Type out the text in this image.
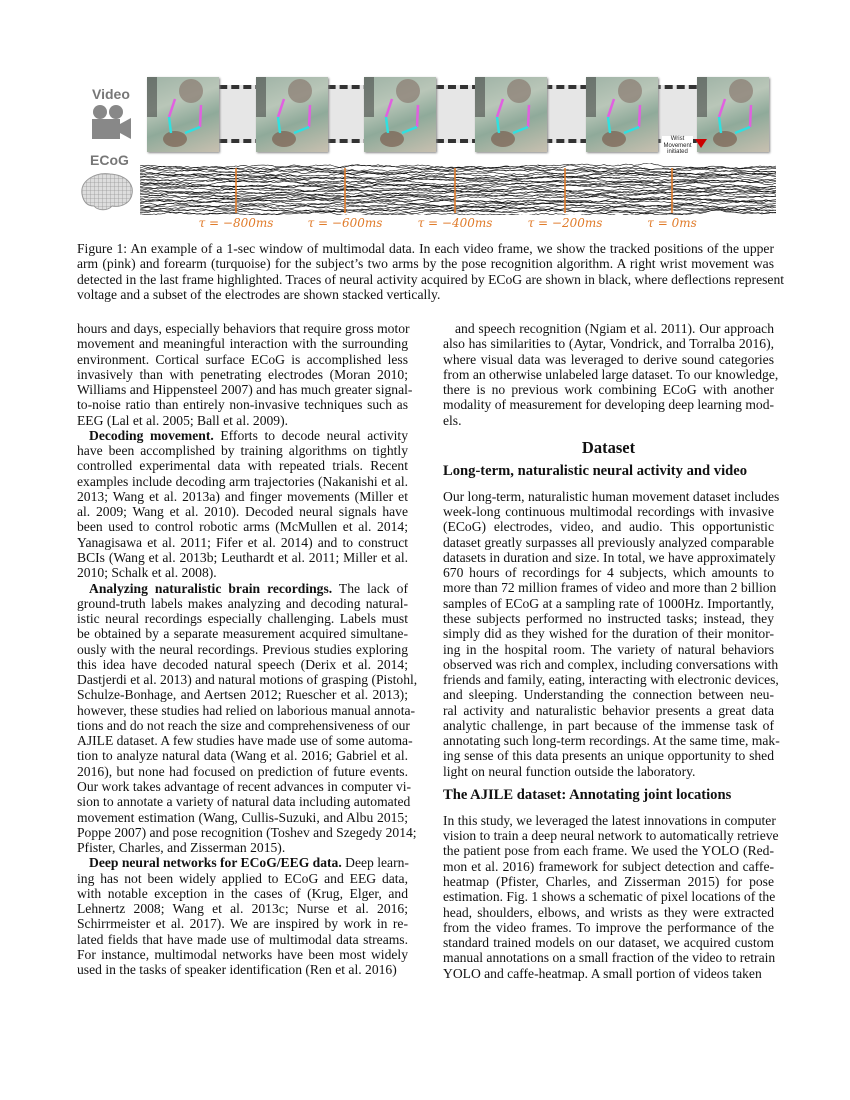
Video
Wrist
Movement
initiated
ECoG
τ = −800ms	τ = −600ms	τ = −400ms	τ = −200ms	τ = 0ms
Figure 1: An example of a 1-sec window of multimodal data. In each video frame, we show the tracked positions of the upper
arm (pink) and forearm (turquoise) for the subject’s two arms by the pose recognition algorithm. A right wrist movement was
detected in the last frame highlighted. Traces of neural activity acquired by ECoG are shown in black, where deflections represent
voltage and a subset of the electrodes are shown stacked vertically.
hours and days, especially behaviors that require gross motor
movement and meaningful interaction with the surrounding
environment. Cortical surface ECoG is accomplished less
invasively than with penetrating electrodes (Moran 2010;
Williams and Hippensteel 2007) and has much greater signal-
to-noise ratio than entirely non-invasive techniques such as
EEG (Lal et al. 2005; Ball et al. 2009).
Decoding movement. Efforts to decode neural activity
have been accomplished by training algorithms on tightly
controlled experimental data with repeated trials. Recent
examples include decoding arm trajectories (Nakanishi et al.
2013; Wang et al. 2013a) and finger movements (Miller et
al. 2009; Wang et al. 2010). Decoded neural signals have
been used to control robotic arms (McMullen et al. 2014;
Yanagisawa et al. 2011; Fifer et al. 2014) and to construct
BCIs (Wang et al. 2013b; Leuthardt et al. 2011; Miller et al.
2010; Schalk et al. 2008).
Analyzing naturalistic brain recordings. The lack of
ground-truth labels makes analyzing and decoding natural-
istic neural recordings especially challenging. Labels must
be obtained by a separate measurement acquired simultane-
ously with the neural recordings. Previous studies exploring
this idea have decoded natural speech (Derix et al. 2014;
Dastjerdi et al. 2013) and natural motions of grasping (Pistohl,
Schulze-Bonhage, and Aertsen 2012; Ruescher et al. 2013);
however, these studies had relied on laborious manual annota-
tions and do not reach the size and comprehensiveness of our
AJILE dataset. A few studies have made use of some automa-
tion to analyze natural data (Wang et al. 2016; Gabriel et al.
2016), but none had focused on prediction of future events.
Our work takes advantage of recent advances in computer vi-
sion to annotate a variety of natural data including automated
movement estimation (Wang, Cullis-Suzuki, and Albu 2015;
Poppe 2007) and pose recognition (Toshev and Szegedy 2014;
Pfister, Charles, and Zisserman 2015).
Deep neural networks for ECoG/EEG data. Deep learn-
ing has not been widely applied to ECoG and EEG data,
with notable exception in the cases of (Krug, Elger, and
Lehnertz 2008; Wang et al. 2013c; Nurse et al. 2016;
Schirrmeister et al. 2017). We are inspired by work in re-
lated fields that have made use of multimodal data streams.
For instance, multimodal networks have been most widely
used in the tasks of speaker identification (Ren et al. 2016)
and speech recognition (Ngiam et al. 2011). Our approach
also has similarities to (Aytar, Vondrick, and Torralba 2016),
where visual data was leveraged to derive sound categories
from an otherwise unlabeled large dataset. To our knowledge,
there is no previous work combining ECoG with another
modality of measurement for developing deep learning mod-
els.
Dataset
Long-term, naturalistic neural activity and video
Our long-term, naturalistic human movement dataset includes
week-long continuous multimodal recordings with invasive
(ECoG) electrodes, video, and audio. This opportunistic
dataset greatly surpasses all previously analyzed comparable
datasets in duration and size. In total, we have approximately
670 hours of recordings for 4 subjects, which amounts to
more than 72 million frames of video and more than 2 billion
samples of ECoG at a sampling rate of 1000Hz. Importantly,
these subjects performed no instructed tasks; instead, they
simply did as they wished for the duration of their monitor-
ing in the hospital room. The variety of natural behaviors
observed was rich and complex, including conversations with
friends and family, eating, interacting with electronic devices,
and sleeping. Understanding the connection between neu-
ral activity and naturalistic behavior presents a great data
analytic challenge, in part because of the immense task of
annotating such long-term recordings. At the same time, mak-
ing sense of this data presents an unique opportunity to shed
light on neural function outside the laboratory.
The AJILE dataset: Annotating joint locations
In this study, we leveraged the latest innovations in computer
vision to train a deep neural network to automatically retrieve
the patient pose from each frame. We used the YOLO (Red-
mon et al. 2016) framework for subject detection and caffe-
heatmap (Pfister, Charles, and Zisserman 2015) for pose
estimation. Fig. 1 shows a schematic of pixel locations of the
head, shoulders, elbows, and wrists as they were extracted
from the video frames. To improve the performance of the
standard trained models on our dataset, we acquired custom
manual annotations on a small fraction of the video to retrain
YOLO and caffe-heatmap. A small portion of videos taken
